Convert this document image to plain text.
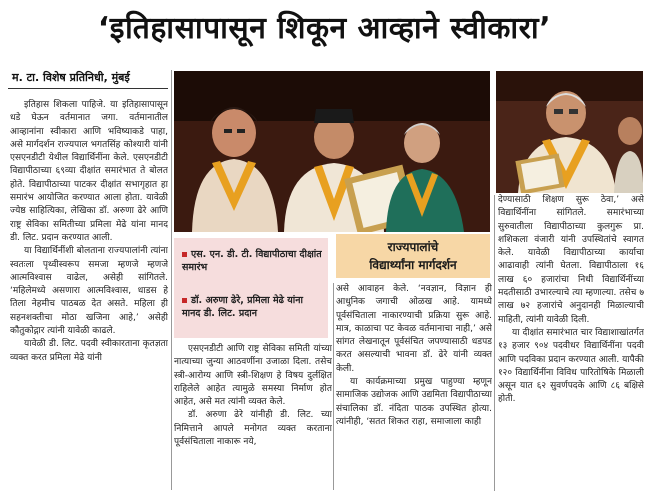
‘इतिहासापासून शिकून आव्हाने स्वीकारा’
म. टा. विशेष प्रतिनिधी, मुंबई

इतिहास शिकला पाहिजे. या इतिहासापासून धडे घेऊन वर्तमानात जगा. वर्तमानातील आव्हानांना स्वीकारा आणि भविष्याकडे पाहा, असे मार्गदर्शन राज्यपाल भगतसिंह कोश्यारी यांनी एसएनडीटी येथील विद्यार्थिनींना केले. एसएनडीटी विद्यापीठाच्या ६९व्या दीक्षांत समारंभात ते बोलत होते. विद्यापीठाच्या पाटकर दीक्षांत सभागृहात हा समारंभ आयोजित करण्यात आला होता. यावेळी ज्येष्ठ साहित्यिका, लेखिका डॉ. अरुणा ढेरे आणि राष्ट्र सेविका समितीच्या प्रमिला मेढे यांना मानद डी. लिट. प्रदान करण्यात आली.

या विद्यार्थिनींशी बोलताना राज्यपालांनी त्यांना स्वतःला पृथ्वीस्वरूप समजा म्हणजे म्हणजे आत्मविश्वास वाढेल, असेही सांगितले. ‘महिलेमध्ये असणारा आत्मविश्वास, धाडस हे तिला नेहमीच पाठबळ देत असते. महिला ही सहनशक्तीचा मोठा खजिना आहे,’ असेही कौतुकोद्गार त्यांनी यावेळी काढले.

यावेळी डी. लिट. पदवी स्वीकारताना कृतज्ञता व्यक्त करत प्रमिला मेढे यांनी

एस. एन. डी. टी. विद्यापीठाचा दीक्षांत समारंभ
डॉ. अरुणा ढेरे, प्रमिला मेढे यांना मानद डी. लिट. प्रदान
राज्यपालांचे
विद्यार्थ्यांना मार्गदर्शन

एसएनडीटी आणि राष्ट्र सेविका समिती यांच्या नात्याच्या जुन्या आठवणींना उजाळा दिला. तसेच स्त्री-आरोग्य आणि स्त्री-शिक्षण हे विषय दुर्लक्षित राहिलेले आहेत त्यामुळे समस्या निर्माण होत आहेत, असे मत त्यांनी व्यक्त केले.

डॉ. अरुणा ढेरे यांनीही डी. लिट. च्या निमित्ताने आपले मनोगत व्यक्त करताना पूर्वसंचिताला नाकारू नये,

असे आवाहन केले. ‘नवज्ञान, विज्ञान ही आधुनिक जगाची ओळख आहे. यामध्ये पूर्वसंचिताला नाकारण्याची प्रक्रिया सुरू आहे. मात्र, काळाचा पट केवळ वर्तमानाचा नाही,’ असे सांगत लेखनातून पूर्वसंचित जपण्यासाठी धडपड करत असल्याची भावना डॉ. ढेरे यांनी व्यक्त केली.

या कार्यक्रमाच्या प्रमुख पाहुण्या म्हणून सामाजिक उद्योजक आणि उद्यमिता विद्यापीठाच्या संचालिका डॉ. नंदिता पाठक उपस्थित होत्या. त्यांनीही, ‘सतत शिकत राहा, समाजाला काही

देण्यासाठी शिक्षण सुरू ठेवा,’ असे विद्यार्थिनींना सांगितले. समारंभाच्या सुरुवातीला विद्यापीठाच्या कुलगुरू प्रा. शशिकला वंजारी यांनी उपस्थितांचे स्वागत केले. यावेळी विद्यापीठाच्या कार्याचा आढावाही त्यांनी घेतला. विद्यापीठाला १६ लाख ६० हजारांचा निधी विद्यार्थिनींच्या मदतीसाठी उभारल्याचे त्या म्हणाल्या. तसेच ७ लाख ७२ हजारांचे अनुदानही मिळाल्याची माहिती, त्यांनी यावेळी दिली.

या दीक्षांत समारंभात चार विद्याशाखांतर्गत १३ हजार ९०४ पदवीधर विद्यार्थिनींना पदवी आणि पदविका प्रदान करण्यात आली. यापैकी १२० विद्यार्थिनींना विविध पारितोषिके मिळाली असून यात ६२ सुवर्णपदके आणि ८६ बक्षिसे होती.
